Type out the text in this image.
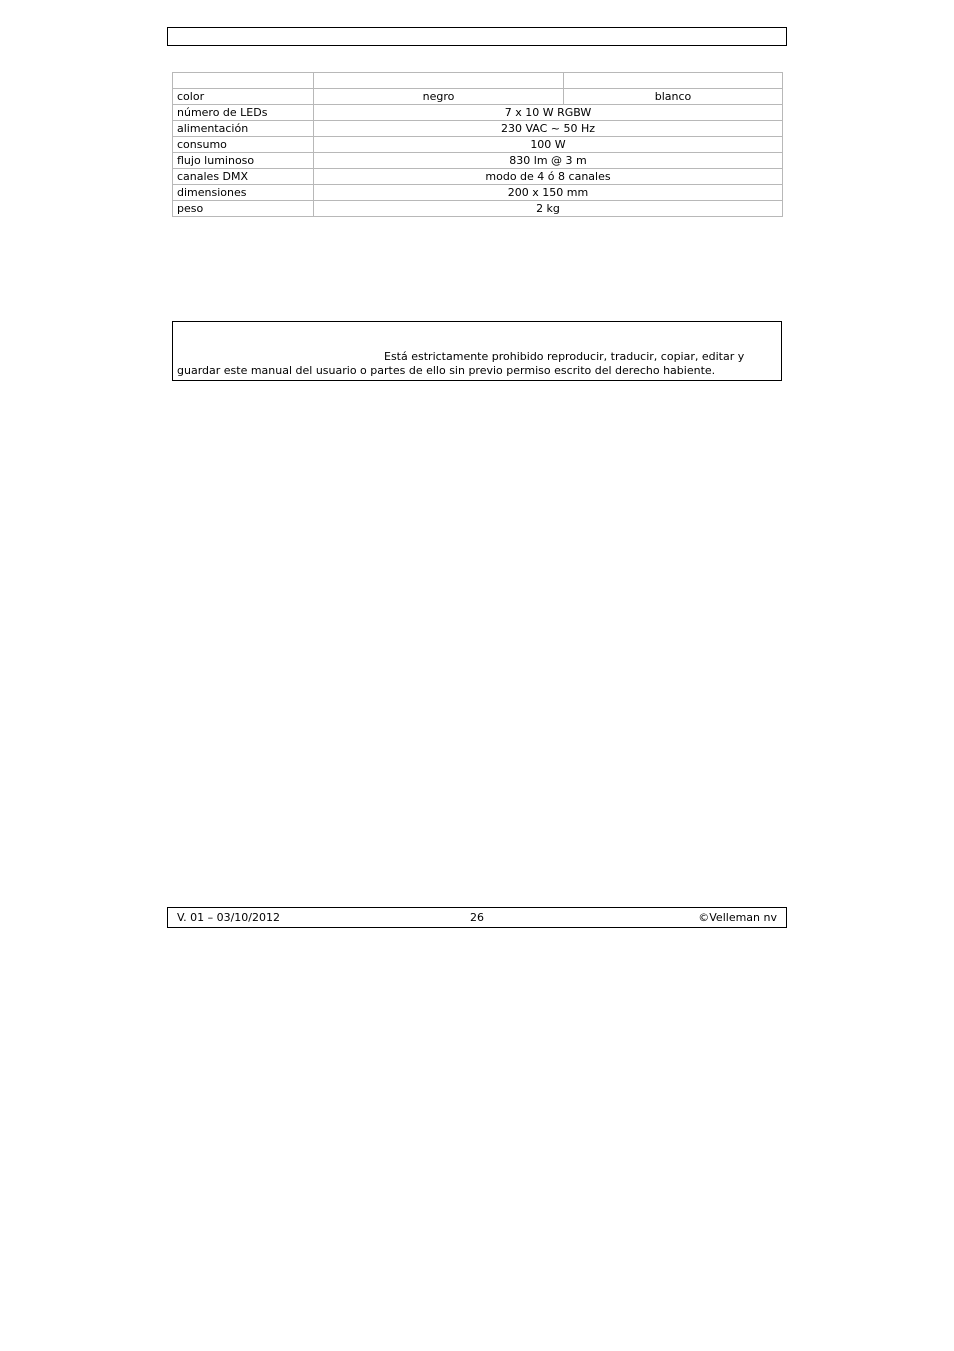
color	negro	blanco
número de LEDs	7 x 10 W RGBW	
alimentación	230 VAC ~ 50 Hz	
consumo	100 W	
flujo luminoso	830 lm @ 3 m	
canales DMX	modo de 4 ó 8 canales	
dimensiones	200 x 150 mm	
peso	2 kg	
Está estrictamente prohibido reproducir, traducir, copiar, editar y guardar este manual del usuario o partes de ello sin previo permiso escrito del derecho habiente.
V. 01 – 03/10/2012	26	©Velleman nv
